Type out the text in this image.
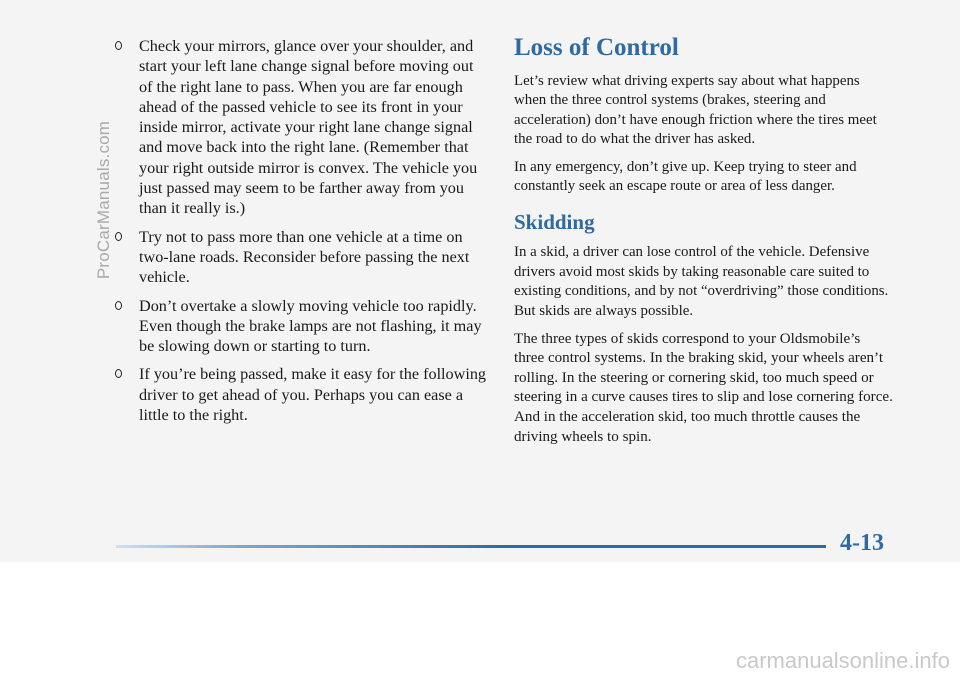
ProCarManuals.com
Check your mirrors, glance over your shoulder, and start your left lane change signal before moving out of the right lane to pass. When you are far enough ahead of the passed vehicle to see its front in your inside mirror, activate your right lane change signal and move back into the right lane. (Remember that your right outside mirror is convex. The vehicle you just passed may seem to be farther away from you than it really is.)
Try not to pass more than one vehicle at a time on two-lane roads. Reconsider before passing the next vehicle.
Don’t overtake a slowly moving vehicle too rapidly. Even though the brake lamps are not flashing, it may be slowing down or starting to turn.
If you’re being passed, make it easy for the following driver to get ahead of you. Perhaps you can ease a little to the right.
Loss of Control

Let’s review what driving experts say about what happens when the three control systems (brakes, steering and acceleration) don’t have enough friction where the tires meet the road to do what the driver has asked.

In any emergency, don’t give up. Keep trying to steer and constantly seek an escape route or area of less danger.

Skidding

In a skid, a driver can lose control of the vehicle. Defensive drivers avoid most skids by taking reasonable care suited to existing conditions, and by not “overdriving” those conditions. But skids are always possible.

The three types of skids correspond to your Oldsmobile’s three control systems. In the braking skid, your wheels aren’t rolling. In the steering or cornering skid, too much speed or steering in a curve causes tires to slip and lose cornering force. And in the acceleration skid, too much throttle causes the driving wheels to spin.

4-13
carmanualsonline.info
